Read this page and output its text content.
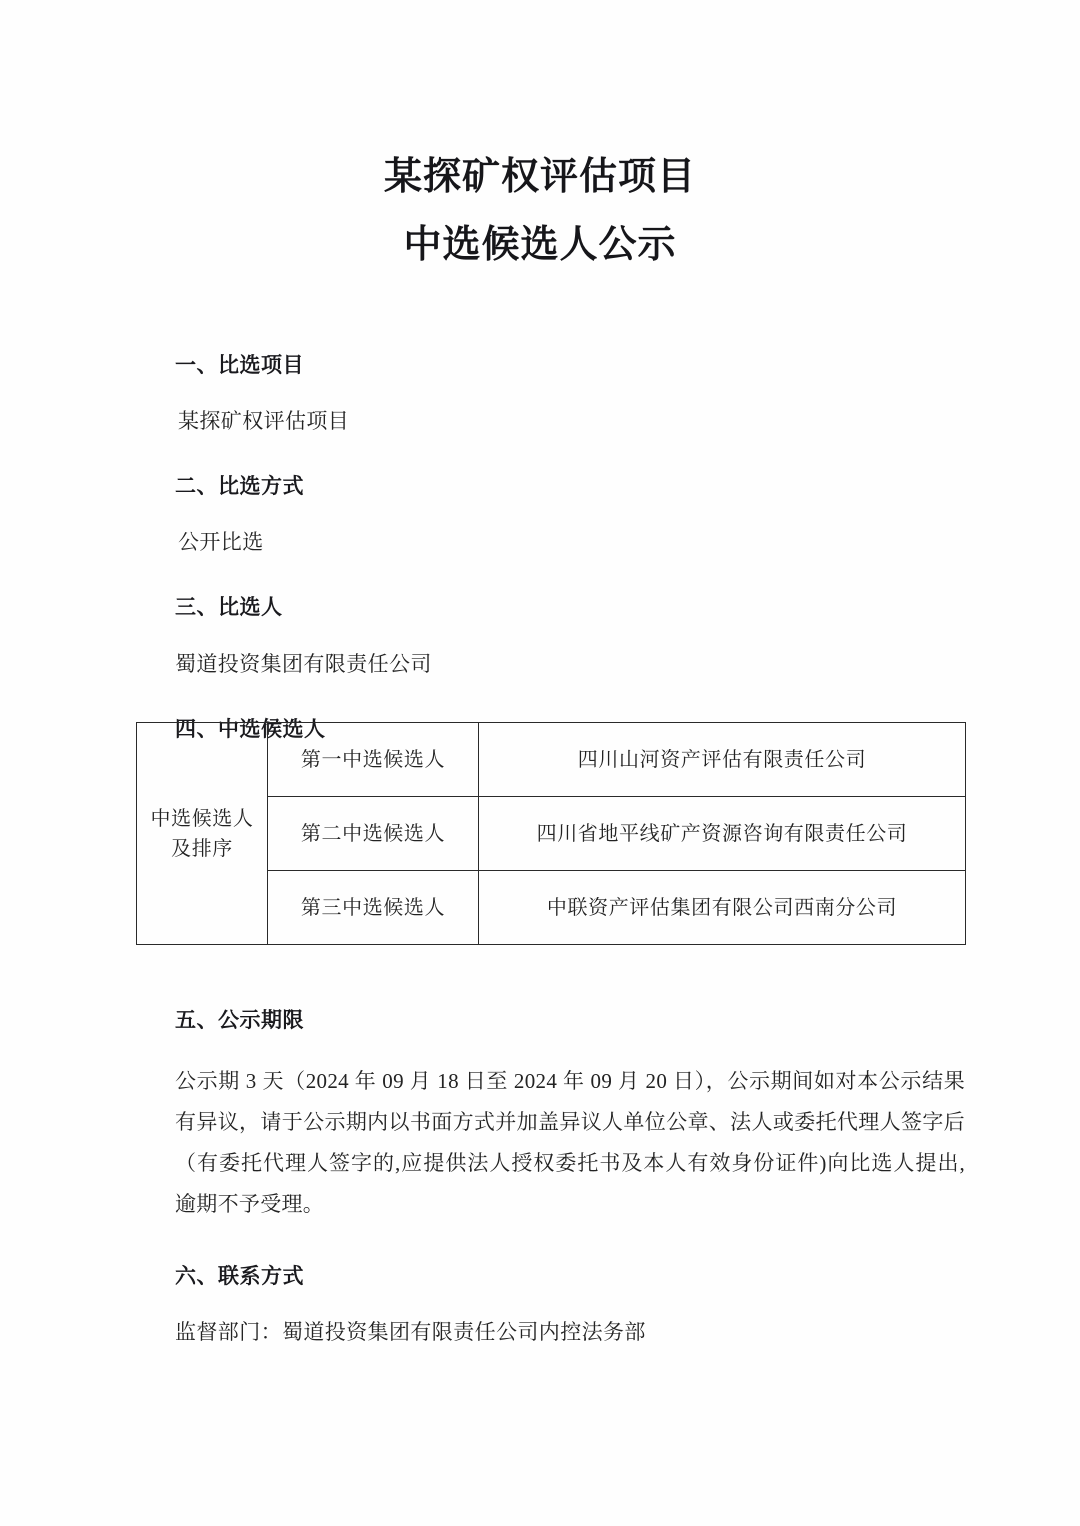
某探矿权评估项目
中选候选人公示
一、比选项目
某探矿权评估项目
二、比选方式
公开比选
三、比选人
蜀道投资集团有限责任公司
四、中选候选人
中选候选人
及排序	第一中选候选人	四川山河资产评估有限责任公司
	第二中选候选人	四川省地平线矿产资源咨询有限责任公司
	第三中选候选人	中联资产评估集团有限公司西南分公司
五、公示期限
公示期 3 天（2024 年 09 月 18 日至 2024 年 09 月 20 日），公示期间如对本公示结果
有异议，请于公示期内以书面方式并加盖异议人单位公章、法人或委托代理人签字后
（有委托代理人签字的,应提供法人授权委托书及本人有效身份证件)向比选人提出,
逾期不予受理。
六、联系方式
监督部门：蜀道投资集团有限责任公司内控法务部
